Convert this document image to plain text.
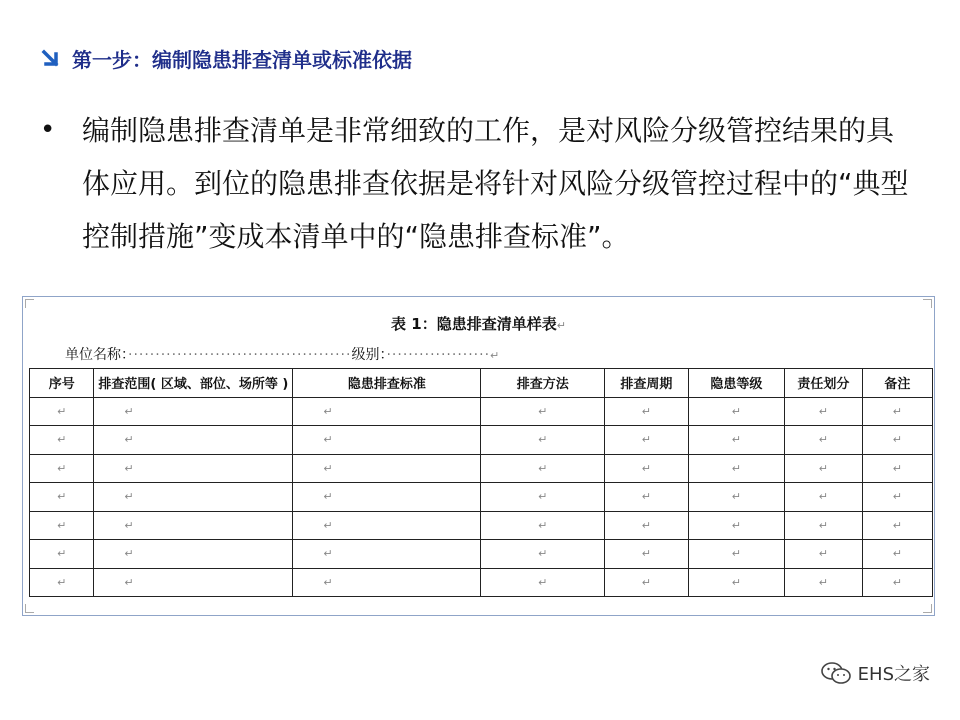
第一步：编制隐患排查清单或标准依据
• 编制隐患排查清单是非常细致的工作，是对风险分级管控结果的具体应用。到位的隐患排查依据是将针对风险分级管控过程中的“典型控制措施”变成本清单中的“隐患排查标准”。
表 1：隐患排查清单样表↵
单位名称：·········································级别：···················↵
序号	排查范围( 区域、部位、场所等 )	隐患排查标准	排查方法	排查周期	隐患等级	责任划分	备注
↵	↵	↵	↵	↵	↵	↵	↵
↵	↵	↵	↵	↵	↵	↵	↵
↵	↵	↵	↵	↵	↵	↵	↵
↵	↵	↵	↵	↵	↵	↵	↵
↵	↵	↵	↵	↵	↵	↵	↵
↵	↵	↵	↵	↵	↵	↵	↵
↵	↵	↵	↵	↵	↵	↵	↵
EHS之家
